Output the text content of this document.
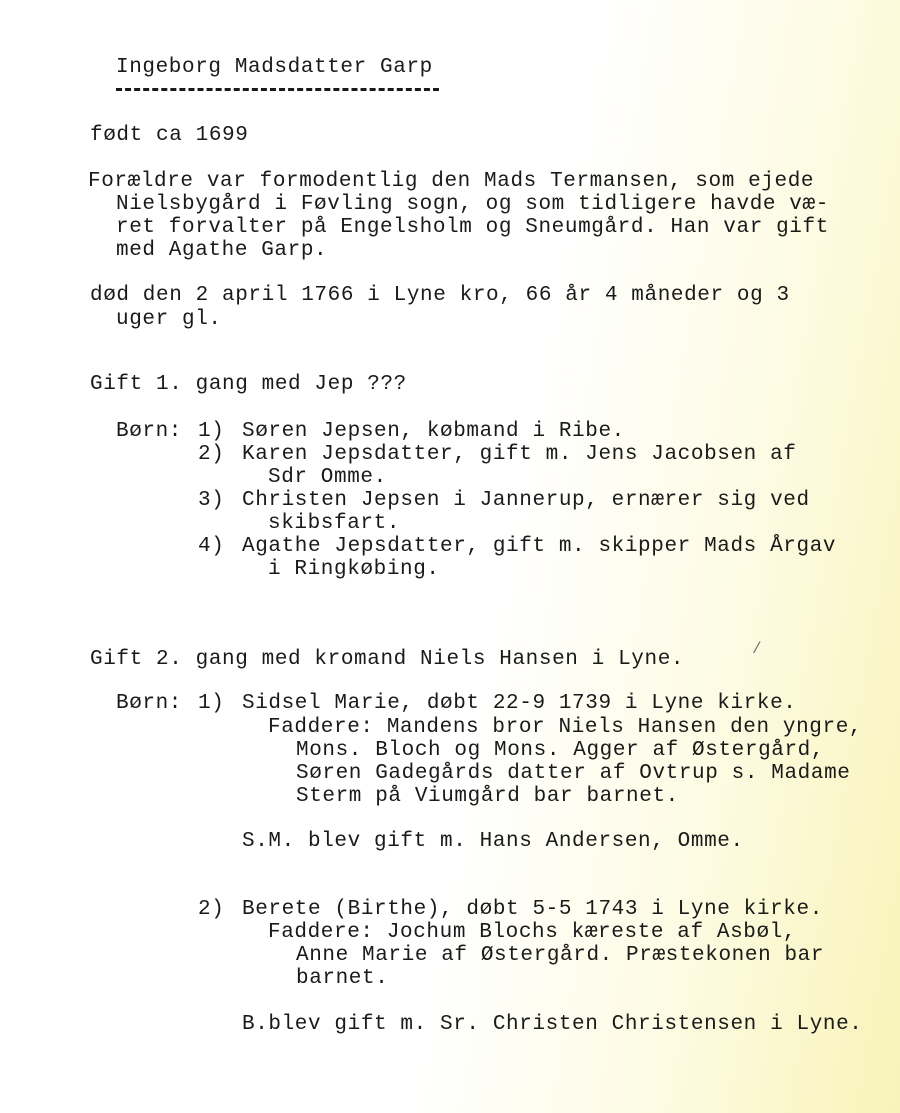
Ingeborg Madsdatter Garp
født ca 1699
Forældre var formodentlig den Mads Termansen, som ejede
Nielsbygård i Føvling sogn, og som tidligere havde væ-
ret forvalter på Engelsholm og Sneumgård. Han var gift
med Agathe Garp.
død den 2 april 1766 i Lyne kro, 66 år 4 måneder og 3
uger gl.
Gift 1. gang med Jep ???
Børn: 1) Søren Jepsen, købmand i Ribe.
2) Karen Jepsdatter, gift m. Jens Jacobsen af
Sdr Omme.
3) Christen Jepsen i Jannerup, ernærer sig ved
skibsfart.
4) Agathe Jepsdatter, gift m. skipper Mads Årgav
i Ringkøbing.
Gift 2. gang med kromand Niels Hansen i Lyne.	/
Børn: 1) Sidsel Marie, døbt 22-9 1739 i Lyne kirke.
Faddere: Mandens bror Niels Hansen den yngre,
Mons. Bloch og Mons. Agger af Østergård,
Søren Gadegårds datter af Ovtrup s. Madame
Sterm på Viumgård bar barnet.
S.M. blev gift m. Hans Andersen, Omme.
2) Berete (Birthe), døbt 5-5 1743 i Lyne kirke.
Faddere: Jochum Blochs kæreste af Asbøl,
Anne Marie af Østergård. Præstekonen bar
barnet.
B.blev gift m. Sr. Christen Christensen i Lyne.
